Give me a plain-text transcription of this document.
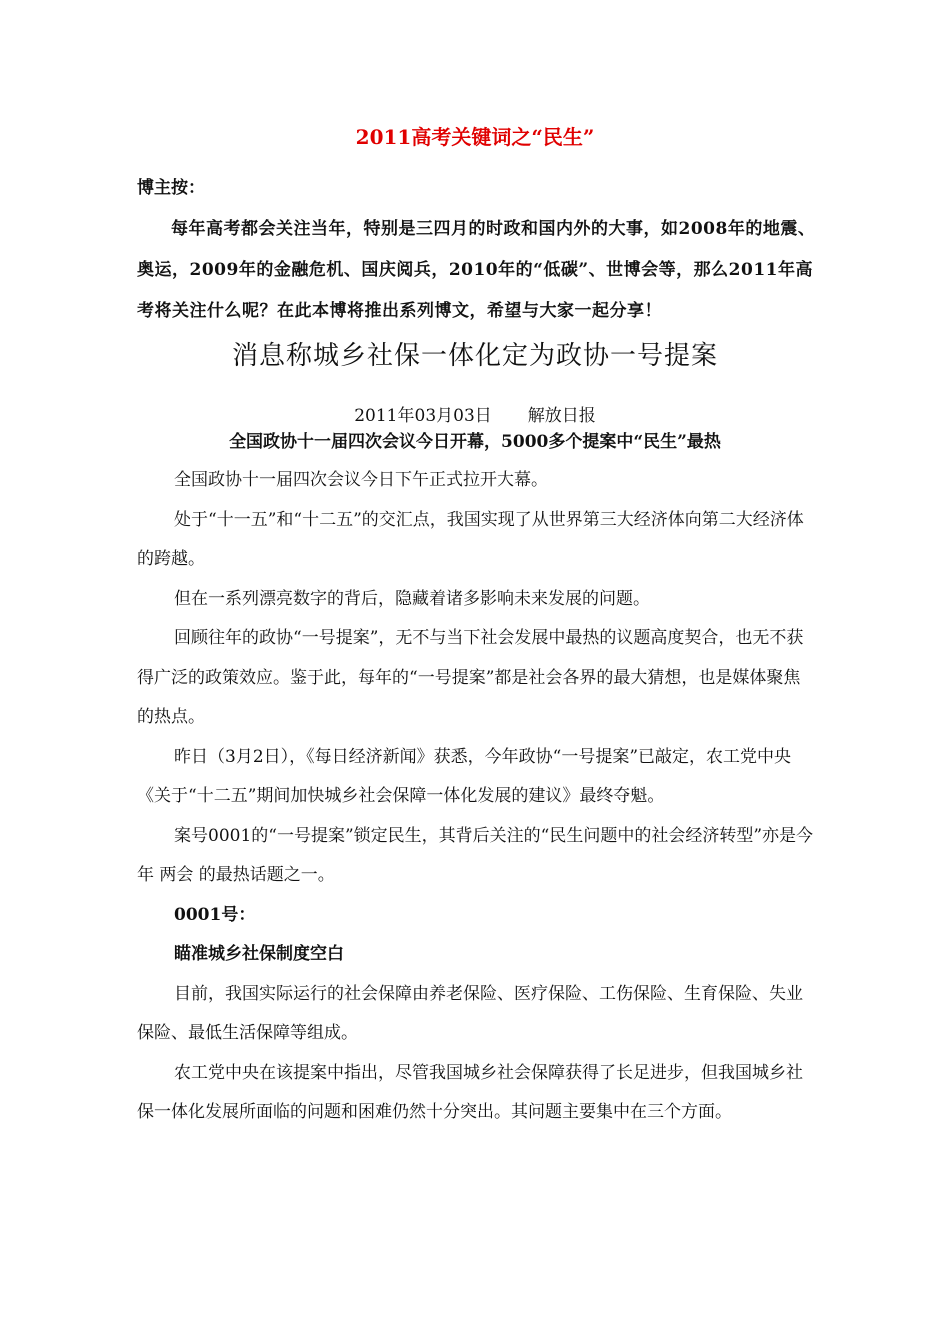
2011高考关键词之“民生”
博主按：
每年高考都会关注当年，特别是三四月的时政和国内外的大事，如2008年的地震、奥运，2009年的金融危机、国庆阅兵，2010年的“低碳”、世博会等，那么2011年高考将关注什么呢？在此本博将推出系列博文，希望与大家一起分享！
消息称城乡社保一体化定为政协一号提案
2011年03月03日 解放日报
全国政协十一届四次会议今日开幕，5000多个提案中“民生”最热

全国政协十一届四次会议今日下午正式拉开大幕。

处于“十一五”和“十二五”的交汇点，我国实现了从世界第三大经济体向第二大经济体的跨越。

但在一系列漂亮数字的背后，隐藏着诸多影响未来发展的问题。

回顾往年的政协“一号提案”，无不与当下社会发展中最热的议题高度契合，也无不获得广泛的政策效应。鉴于此，每年的“一号提案”都是社会各界的最大猜想，也是媒体聚焦的热点。

昨日（3月2日），《每日经济新闻》获悉，今年政协“一号提案”已敲定，农工党中央《关于“十二五”期间加快城乡社会保障一体化发展的建议》最终夺魁。

案号0001的“一号提案”锁定民生，其背后关注的“民生问题中的社会经济转型”亦是今年 两会 的最热话题之一。

0001号：

瞄准城乡社保制度空白

目前，我国实际运行的社会保障由养老保险、医疗保险、工伤保险、生育保险、失业保险、最低生活保障等组成。

农工党中央在该提案中指出，尽管我国城乡社会保障获得了长足进步，但我国城乡社保一体化发展所面临的问题和困难仍然十分突出。其问题主要集中在三个方面。
